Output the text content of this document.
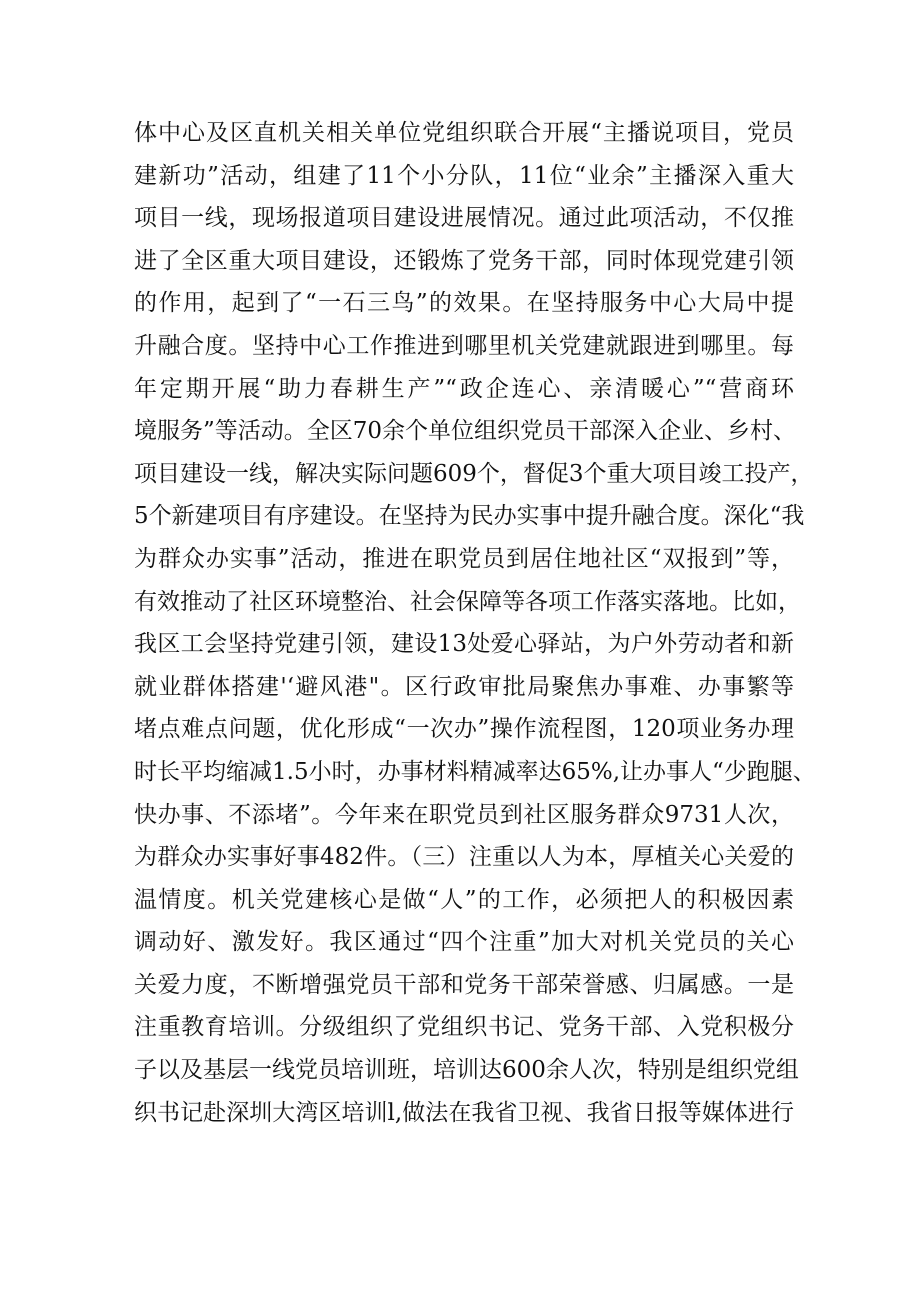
体中心及区直机关相关单位党组织联合开展“主播说项目，党员
建新功”活动，组建了11个小分队，11位“业余”主播深入重大
项目一线，现场报道项目建设进展情况。通过此项活动，不仅推
进了全区重大项目建设，还锻炼了党务干部，同时体现党建引领
的作用，起到了“一石三鸟”的效果。在坚持服务中心大局中提
升融合度。坚持中心工作推进到哪里机关党建就跟进到哪里。每
年定期开展“助力春耕生产”“政企连心、亲清暖心”“营商环
境服务”等活动。全区70余个单位组织党员干部深入企业、乡村、
项目建设一线，解决实际问题609个，督促3个重大项目竣工投产，
5个新建项目有序建设。在坚持为民办实事中提升融合度。深化“我
为群众办实事”活动，推进在职党员到居住地社区“双报到”等，
有效推动了社区环境整治、社会保障等各项工作落实落地。比如，
我区工会坚持党建引领，建设13处爱心驿站，为户外劳动者和新
就业群体搭建'‘避风港"。区行政审批局聚焦办事难、办事繁等
堵点难点问题，优化形成“一次办”操作流程图，120项业务办理
时长平均缩减1.5小时，办事材料精减率达65%,让办事人“少跑腿、
快办事、不添堵”。今年来在职党员到社区服务群众9731人次，
为群众办实事好事482件。（三）注重以人为本，厚植关心关爱的
温情度。机关党建核心是做“人”的工作，必须把人的积极因素
调动好、激发好。我区通过“四个注重”加大对机关党员的关心
关爱力度，不断增强党员干部和党务干部荣誉感、归属感。一是
注重教育培训。分级组织了党组织书记、党务干部、入党积极分
子以及基层一线党员培训班，培训达600余人次，特别是组织党组
织书记赴深圳大湾区培训l,做法在我省卫视、我省日报等媒体进行
